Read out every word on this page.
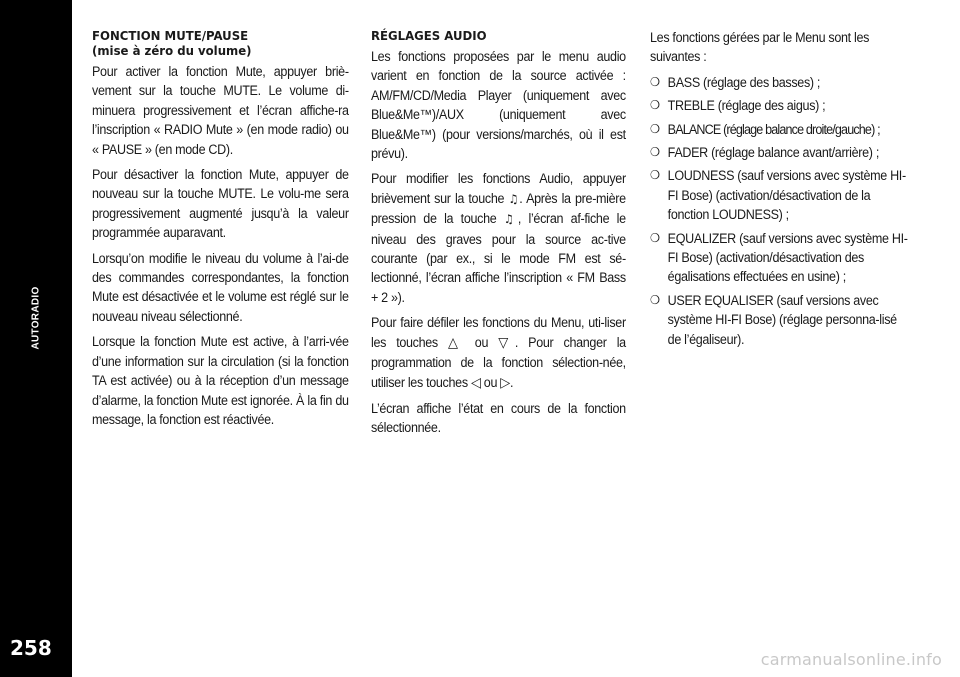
AUTORADIO
258
FONCTION MUTE/PAUSE
(mise à zéro du volume)

Pour activer la fonction Mute, appuyer briè-vement sur la touche MUTE. Le volume di-minuera progressivement et l’écran affiche-ra l’inscription « RADIO Mute » (en mode radio) ou « PAUSE » (en mode CD).

Pour désactiver la fonction Mute, appuyer de nouveau sur la touche MUTE. Le volu-me sera progressivement augmenté jusqu’à la valeur programmée auparavant.

Lorsqu’on modifie le niveau du volume à l’ai-de des commandes correspondantes, la fonction Mute est désactivée et le volume est réglé sur le nouveau niveau sélectionné.

Lorsque la fonction Mute est active, à l’arri-vée d’une information sur la circulation (si la fonction TA est activée) ou à la réception d’un message d’alarme, la fonction Mute est ignorée. À la fin du message, la fonction est réactivée.

RÉGLAGES AUDIO

Les fonctions proposées par le menu audio varient en fonction de la source activée : AM/FM/CD/Media Player (uniquement avec Blue&Me™)/AUX (uniquement avec Blue&Me™) (pour versions/marchés, où il est prévu).

Pour modifier les fonctions Audio, appuyer brièvement sur la touche ♫. Après la pre-mière pression de la touche ♫, l’écran af-fiche le niveau des graves pour la source ac-tive courante (par ex., si le mode FM est sé-lectionné, l’écran affiche l’inscription « FM Bass + 2 »).

Pour faire défiler les fonctions du Menu, uti-liser les touches △ ou ▽. Pour changer la programmation de la fonction sélection-née, utiliser les touches ◁ ou ▷.

L’écran affiche l’état en cours de la fonction sélectionnée.

Les fonctions gérées par le Menu sont les suivantes :

❍ BASS (réglage des basses) ;
❍ TREBLE (réglage des aigus) ;
❍ BALANCE (réglage balance droite/gauche) ;
❍ FADER (réglage balance avant/arrière) ;
❍ LOUDNESS (sauf versions avec système HI-FI Bose) (activation/désactivation de la fonction LOUDNESS) ;
❍ EQUALIZER (sauf versions avec système HI-FI Bose) (activation/désactivation des égalisations effectuées en usine) ;
❍ USER EQUALISER (sauf versions avec système HI-FI Bose) (réglage personna-lisé de l’égaliseur).
carmanualsonline.info
